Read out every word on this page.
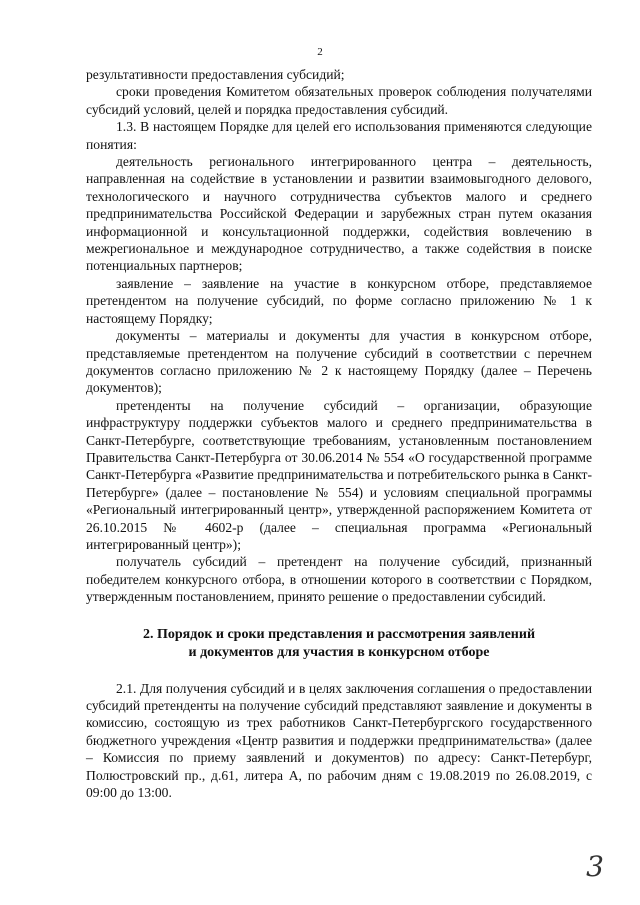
2

результативности предоставления субсидий;

сроки проведения Комитетом обязательных проверок соблюдения получателями субсидий условий, целей и порядка предоставления субсидий.

1.3. В настоящем Порядке для целей его использования применяются следующие понятия:

деятельность регионального интегрированного центра – деятельность, направленная на содействие в установлении и развитии взаимовыгодного делового, технологического и научного сотрудничества субъектов малого и среднего предпринимательства Российской Федерации и зарубежных стран путем оказания информационной и консультационной поддержки, содействия вовлечению в межрегиональное и международное сотрудничество, а также содействия в поиске потенциальных партнеров;

заявление – заявление на участие в конкурсном отборе, представляемое претендентом на получение субсидий, по форме согласно приложению № 1 к настоящему Порядку;

документы – материалы и документы для участия в конкурсном отборе, представляемые претендентом на получение субсидий в соответствии с перечнем документов согласно приложению № 2 к настоящему Порядку (далее – Перечень документов);

претенденты на получение субсидий – организации, образующие инфраструктуру поддержки субъектов малого и среднего предпринимательства в Санкт-Петербурге, соответствующие требованиям, установленным постановлением Правительства Санкт-Петербурга от 30.06.2014 № 554 «О государственной программе Санкт-Петербурга «Развитие предпринимательства и потребительского рынка в Санкт-Петербурге» (далее – постановление № 554) и условиям специальной программы «Региональный интегрированный центр», утвержденной распоряжением Комитета от 26.10.2015 № 4602-р (далее – специальная программа «Региональный интегрированный центр»);

получатель субсидий – претендент на получение субсидий, признанный победителем конкурсного отбора, в отношении которого в соответствии с Порядком, утвержденным постановлением, принято решение о предоставлении субсидий.

2. Порядок и сроки представления и рассмотрения заявлений
и документов для участия в конкурсном отборе

2.1. Для получения субсидий и в целях заключения соглашения о предоставлении субсидий претенденты на получение субсидий представляют заявление и документы в комиссию, состоящую из трех работников Санкт-Петербургского государственного бюджетного учреждения «Центр развития и поддержки предпринимательства» (далее – Комиссия по приему заявлений и документов) по адресу: Санкт-Петербург, Полюстровский пр., д.61, литера А, по рабочим дням с 19.08.2019 по 26.08.2019, с 09:00 до 13:00.

3
